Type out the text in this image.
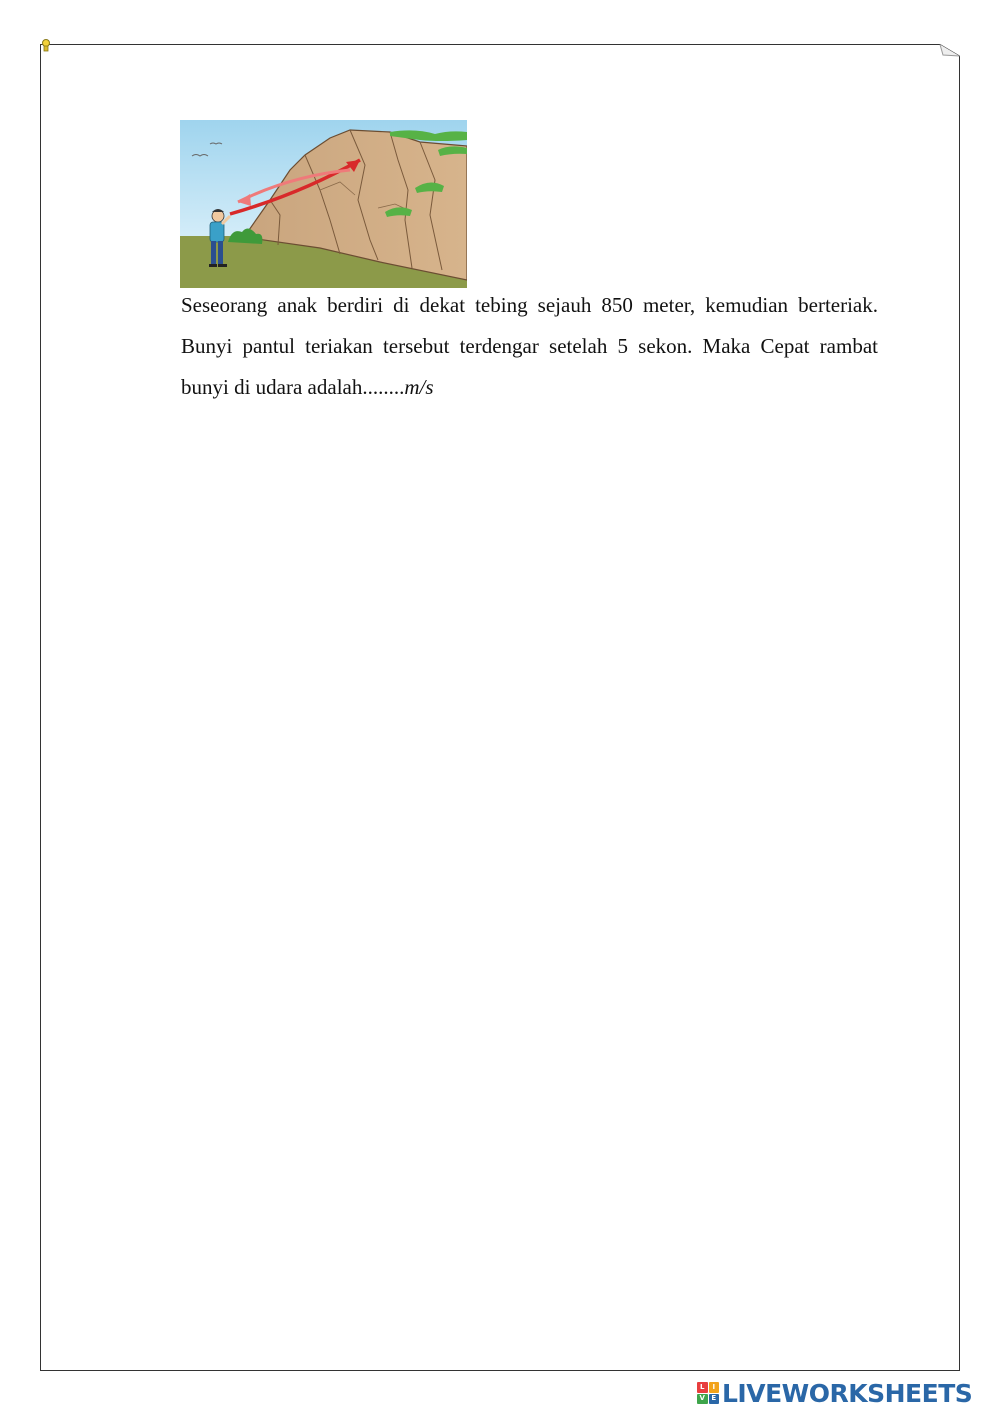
Seseorang anak berdiri di dekat tebing sejauh 850 meter, kemudian berteriak. Bunyi pantul teriakan tersebut terdengar setelah 5 sekon. Maka Cepat rambat bunyi di udara adalah........m/s

L	I
V E LIVEWORKSHEETS
